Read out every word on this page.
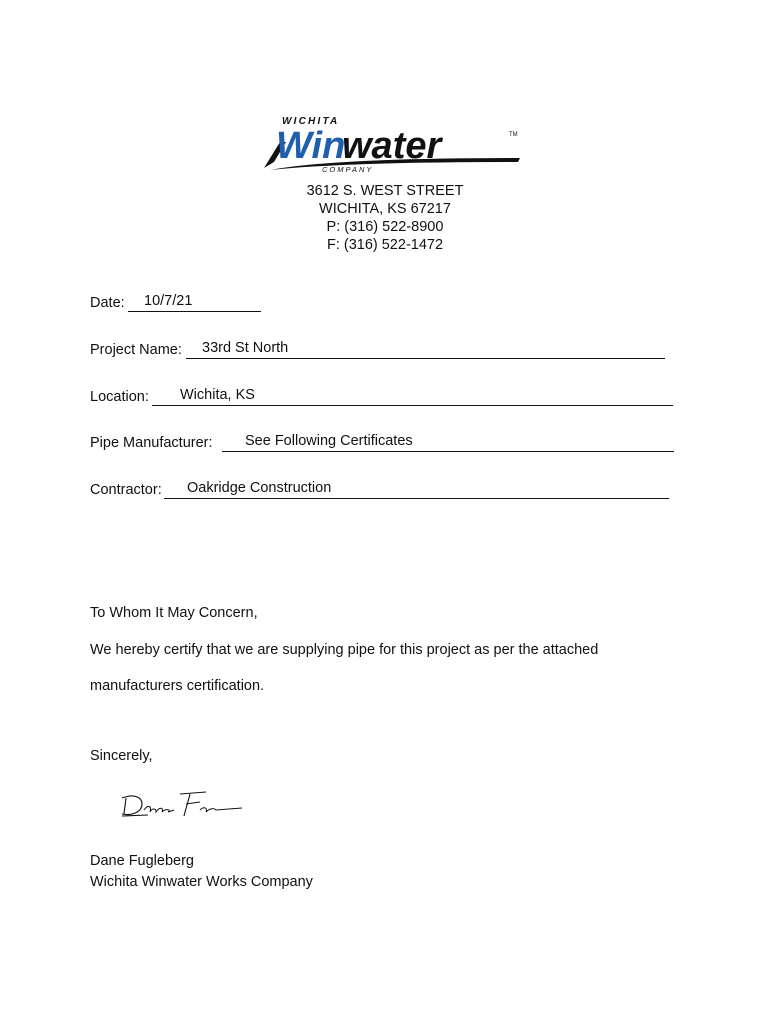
WICHITA
Win
water	TM
COMPANY
3612 S. WEST STREET
WICHITA, KS 67217
P: (316) 522-8900
F: (316) 522-1472
Date: 10/7/21
Project Name: 33rd St North
Location: Wichita, KS
Pipe Manufacturer: See Following Certificates
Contractor: Oakridge Construction
To Whom It May Concern,
We hereby certify that we are supplying pipe for this project as per the attached
manufacturers certification.
Sincerely,
Dane Fugleberg
Wichita Winwater Works Company
